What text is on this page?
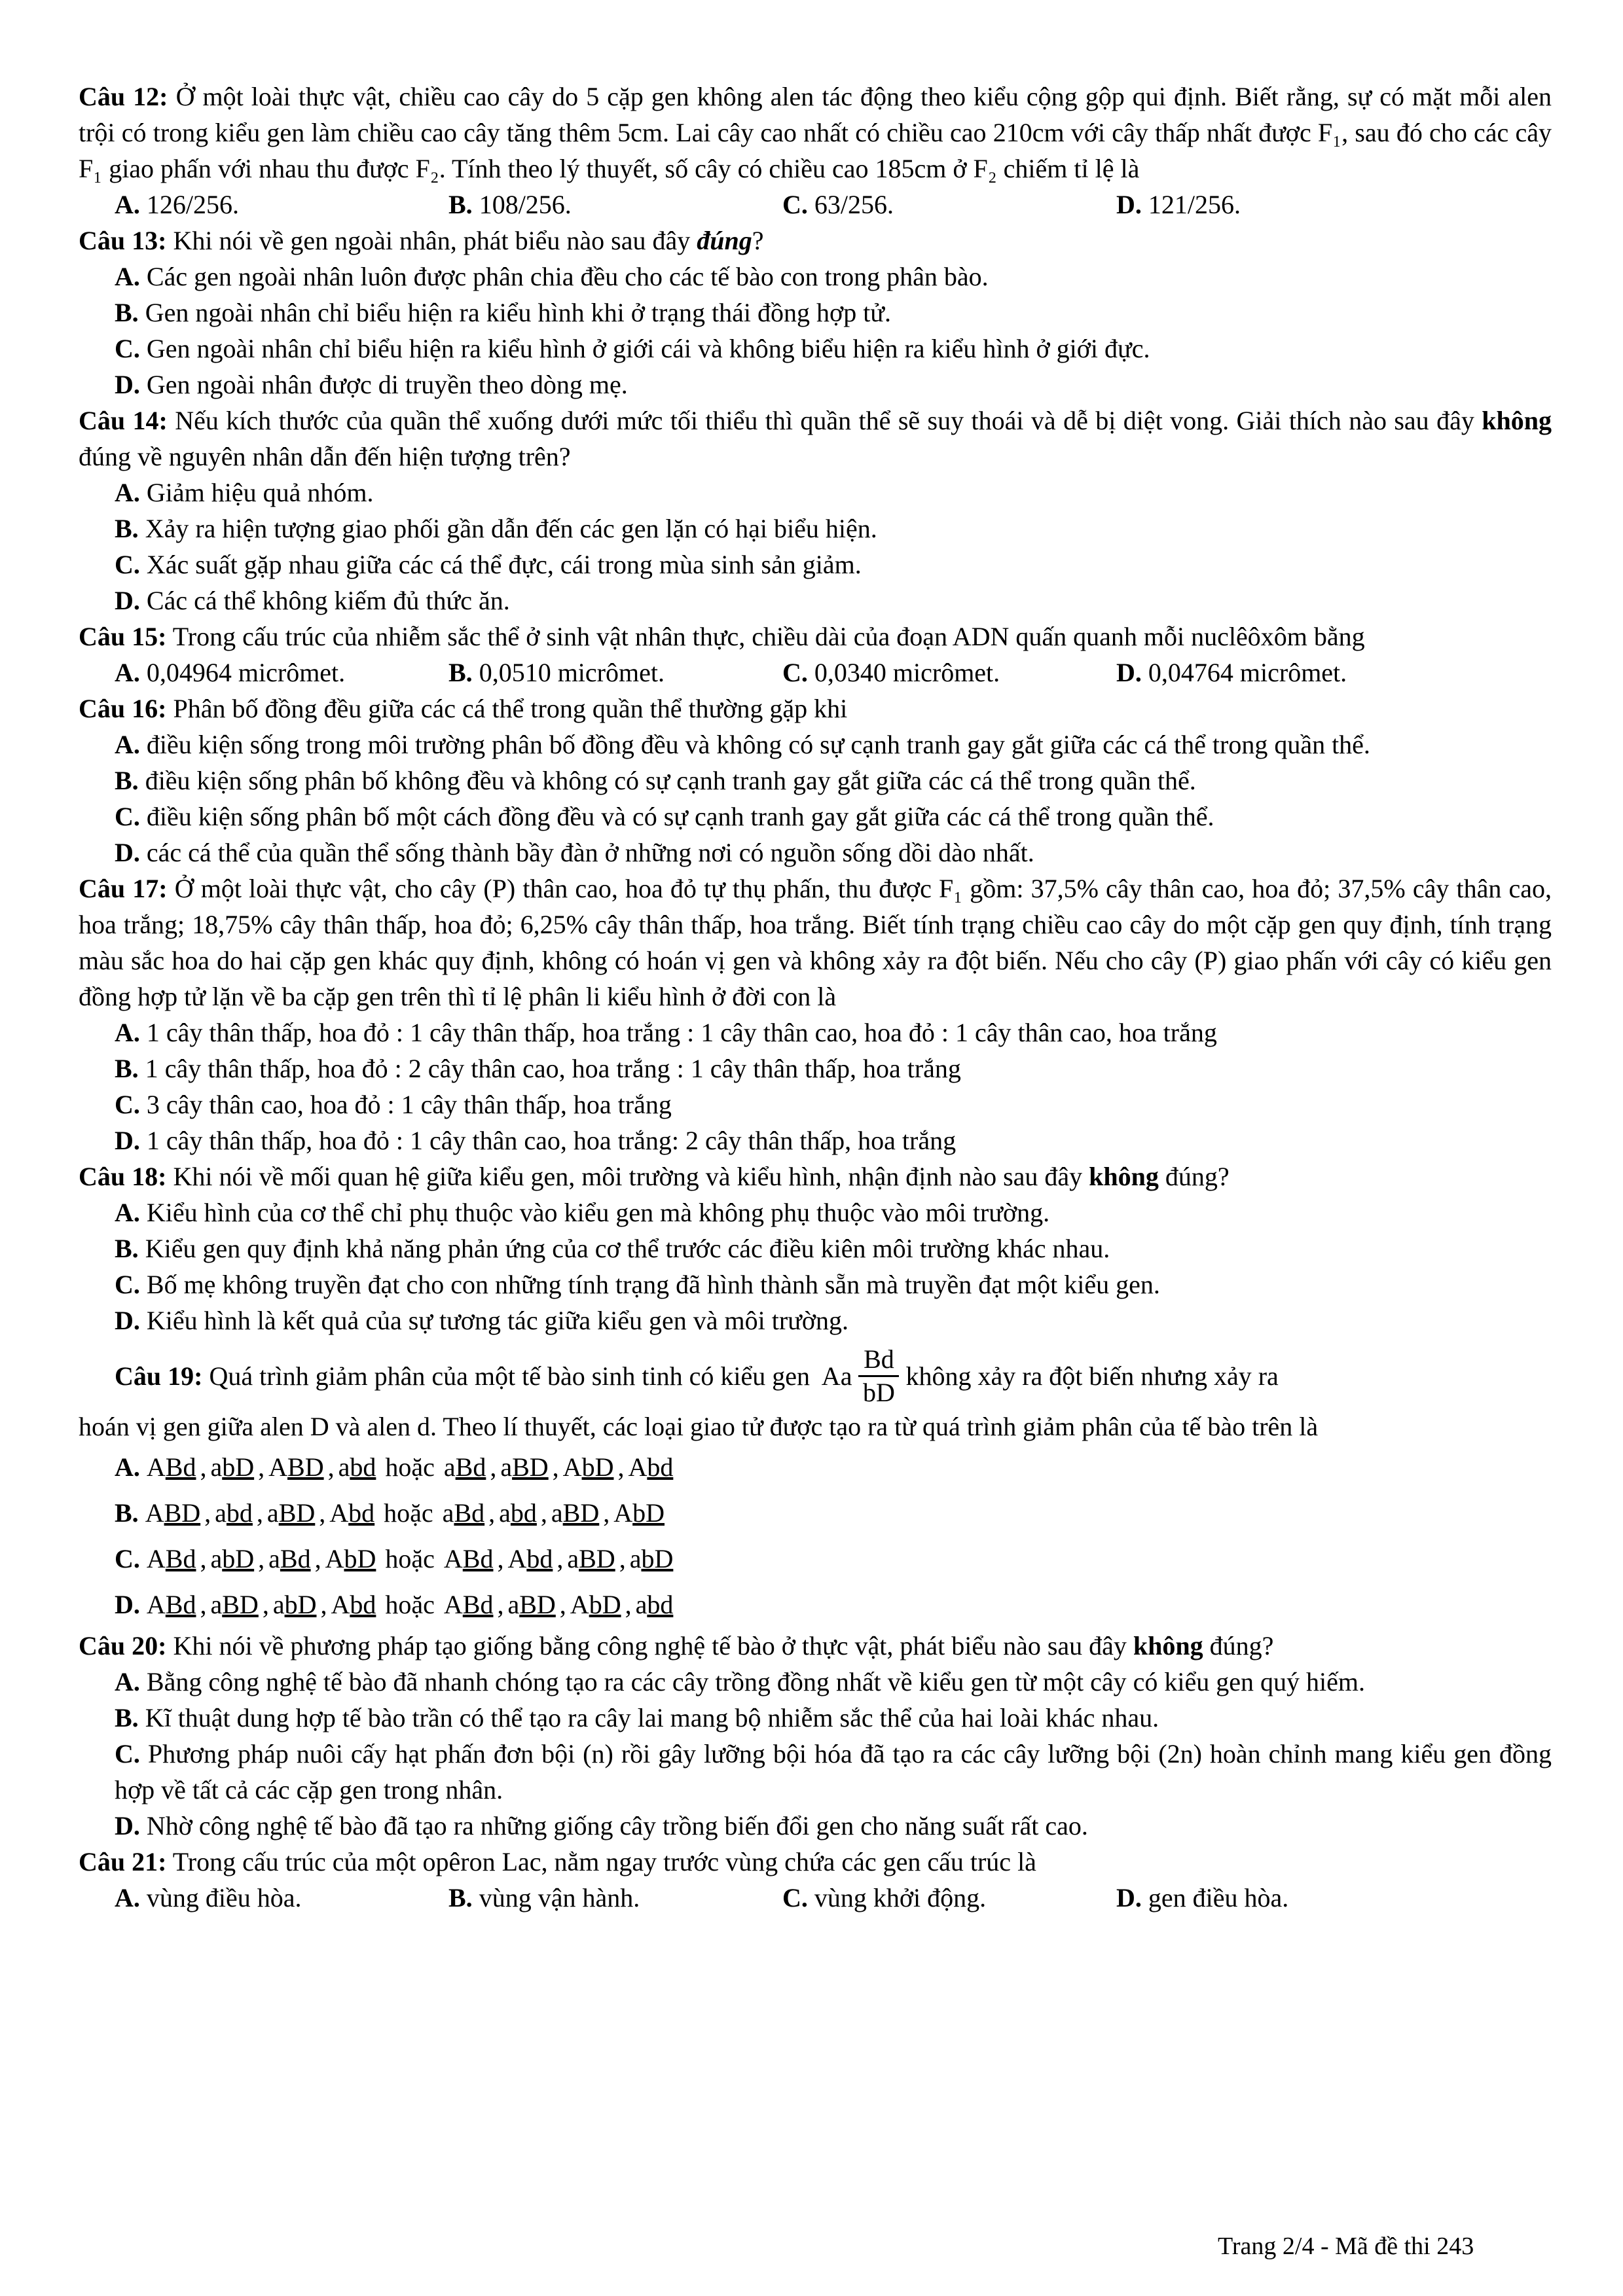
Câu 12: Ở một loài thực vật, chiều cao cây do 5 cặp gen không alen tác động theo kiểu cộng gộp qui định. Biết rằng, sự có mặt mỗi alen trội có trong kiểu gen làm chiều cao cây tăng thêm 5cm. Lai cây cao nhất có chiều cao 210cm với cây thấp nhất được F₁, sau đó cho các cây F₁ giao phấn với nhau thu được F₂. Tính theo lý thuyết, số cây có chiều cao 185cm ở F₂ chiếm tỉ lệ là
A. 126/256.	B. 108/256.	C. 63/256.	D. 121/256.
Câu 13: Khi nói về gen ngoài nhân, phát biểu nào sau đây đúng?
A. Các gen ngoài nhân luôn được phân chia đều cho các tế bào con trong phân bào.
B. Gen ngoài nhân chỉ biểu hiện ra kiểu hình khi ở trạng thái đồng hợp tử.
C. Gen ngoài nhân chỉ biểu hiện ra kiểu hình ở giới cái và không biểu hiện ra kiểu hình ở giới đực.
D. Gen ngoài nhân được di truyền theo dòng mẹ.
Câu 14: Nếu kích thước của quần thể xuống dưới mức tối thiểu thì quần thể sẽ suy thoái và dễ bị diệt vong. Giải thích nào sau đây không đúng về nguyên nhân dẫn đến hiện tượng trên?
A. Giảm hiệu quả nhóm.
B. Xảy ra hiện tượng giao phối gần dẫn đến các gen lặn có hại biểu hiện.
C. Xác suất gặp nhau giữa các cá thể đực, cái trong mùa sinh sản giảm.
D. Các cá thể không kiếm đủ thức ăn.
Câu 15: Trong cấu trúc của nhiễm sắc thể ở sinh vật nhân thực, chiều dài của đoạn ADN quấn quanh mỗi nuclêôxôm bằng
A. 0,04964 micrômet.	B. 0,0510 micrômet.	C. 0,0340 micrômet.	D. 0,04764 micrômet.
Câu 16: Phân bố đồng đều giữa các cá thể trong quần thể thường gặp khi
A. điều kiện sống trong môi trường phân bố đồng đều và không có sự cạnh tranh gay gắt giữa các cá thể trong quần thể.
B. điều kiện sống phân bố không đều và không có sự cạnh tranh gay gắt giữa các cá thể trong quần thể.
C. điều kiện sống phân bố một cách đồng đều và có sự cạnh tranh gay gắt giữa các cá thể trong quần thể.
D. các cá thể của quần thể sống thành bầy đàn ở những nơi có nguồn sống dồi dào nhất.
Câu 17: Ở một loài thực vật, cho cây (P) thân cao, hoa đỏ tự thụ phấn, thu được F₁ gồm: 37,5% cây thân cao, hoa đỏ; 37,5% cây thân cao, hoa trắng; 18,75% cây thân thấp, hoa đỏ; 6,25% cây thân thấp, hoa trắng. Biết tính trạng chiều cao cây do một cặp gen quy định, tính trạng màu sắc hoa do hai cặp gen khác quy định, không có hoán vị gen và không xảy ra đột biến. Nếu cho cây (P) giao phấn với cây có kiểu gen đồng hợp tử lặn về ba cặp gen trên thì tỉ lệ phân li kiểu hình ở đời con là
A. 1 cây thân thấp, hoa đỏ : 1 cây thân thấp, hoa trắng : 1 cây thân cao, hoa đỏ : 1 cây thân cao, hoa trắng
B. 1 cây thân thấp, hoa đỏ : 2 cây thân cao, hoa trắng : 1 cây thân thấp, hoa trắng
C. 3 cây thân cao, hoa đỏ : 1 cây thân thấp, hoa trắng
D. 1 cây thân thấp, hoa đỏ : 1 cây thân cao, hoa trắng: 2 cây thân thấp, hoa trắng
Câu 18: Khi nói về mối quan hệ giữa kiểu gen, môi trường và kiểu hình, nhận định nào sau đây không đúng?
A. Kiểu hình của cơ thể chỉ phụ thuộc vào kiểu gen mà không phụ thuộc vào môi trường.
B. Kiểu gen quy định khả năng phản ứng của cơ thể trước các điều kiên môi trường khác nhau.
C. Bố mẹ không truyền đạt cho con những tính trạng đã hình thành sẵn mà truyền đạt một kiểu gen.
D. Kiểu hình là kết quả của sự tương tác giữa kiểu gen và môi trường.
Câu 19: Quá trình giảm phân của một tế bào sinh tinh có kiểu gen  Aa $\frac{Bd}{bD}$ không xảy ra đột biến nhưng xảy ra
hoán vị gen giữa alen D và alen d. Theo lí thuyết, các loại giao tử được tạo ra từ quá trình giảm phân của tế bào trên là
A. ABd , abD , ABD , abd hoặc aBd , aBD , AbD , Abd
B. ABD , abd , aBD , Abd hoặc aBd , abd , aBD , AbD
C. ABd , abD , aBd , AbD hoặc ABd , Abd , aBD , abD
D. ABd , aBD , abD , Abd hoặc ABd , aBD , AbD , abd
Câu 20: Khi nói về phương pháp tạo giống bằng công nghệ tế bào ở thực vật, phát biểu nào sau đây không đúng?
A. Bằng công nghệ tế bào đã nhanh chóng tạo ra các cây trồng đồng nhất về kiểu gen từ một cây có kiểu gen quý hiếm.
B. Kĩ thuật dung hợp tế bào trần có thể tạo ra cây lai mang bộ nhiễm sắc thể của hai loài khác nhau.
C. Phương pháp nuôi cấy hạt phấn đơn bội (n) rồi gây lưỡng bội hóa đã tạo ra các cây lưỡng bội (2n) hoàn chỉnh mang kiểu gen đồng hợp về tất cả các cặp gen trong nhân.
D. Nhờ công nghệ tế bào đã tạo ra những giống cây trồng biến đổi gen cho năng suất rất cao.
Câu 21: Trong cấu trúc của một opêron Lac, nằm ngay trước vùng chứa các gen cấu trúc là
A. vùng điều hòa.	B. vùng vận hành.	C. vùng khởi động.	D. gen điều hòa.
Trang 2/4 - Mã đề thi 243
